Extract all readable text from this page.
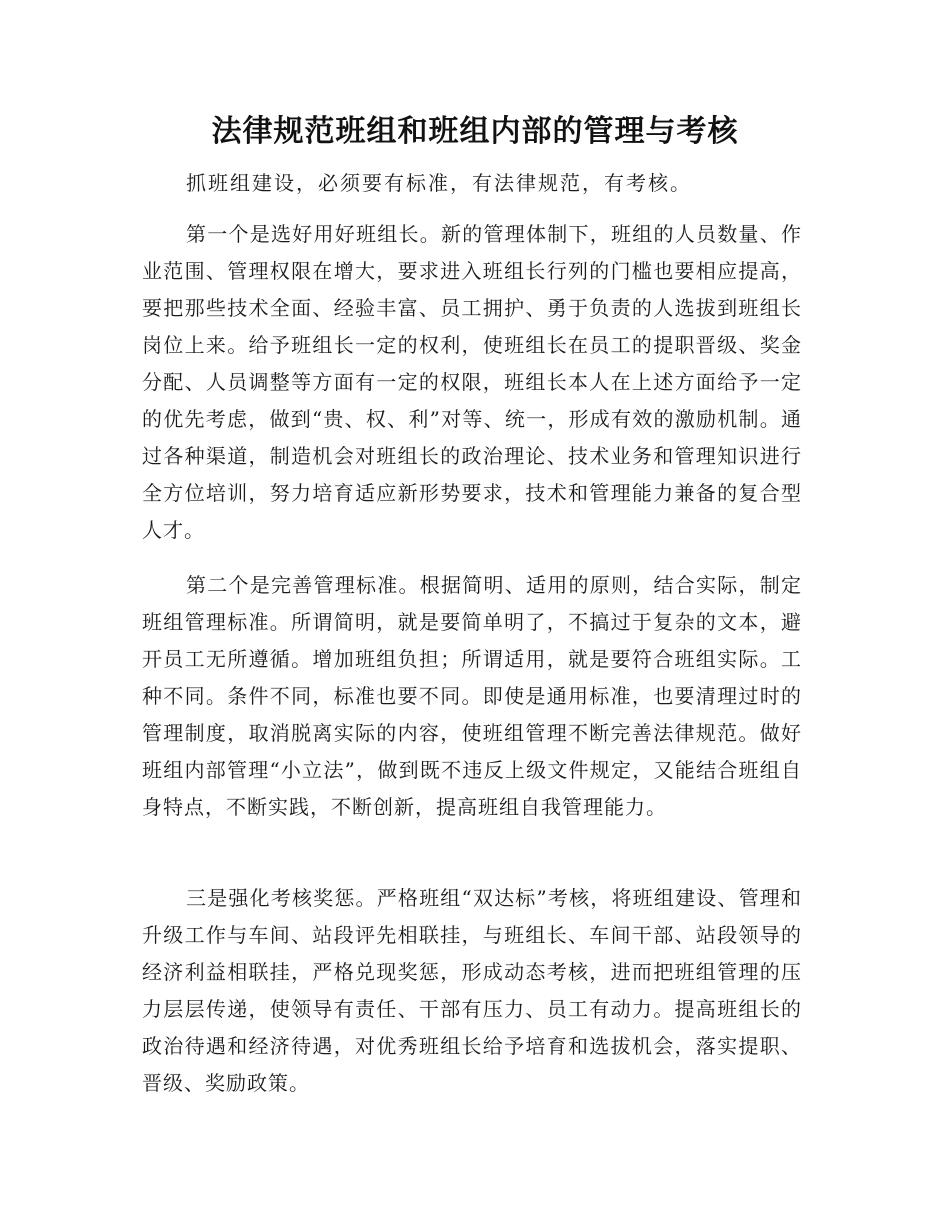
法律规范班组和班组内部的管理与考核

抓班组建设，必须要有标准，有法律规范，有考核。

第一个是选好用好班组长。新的管理体制下，班组的人员数量、作业范围、管理权限在增大，要求进入班组长行列的门槛也要相应提高，要把那些技术全面、经验丰富、员工拥护、勇于负责的人选拔到班组长岗位上来。给予班组长一定的权利，使班组长在员工的提职晋级、奖金分配、人员调整等方面有一定的权限，班组长本人在上述方面给予一定的优先考虑，做到“贵、权、利”对等、统一，形成有效的激励机制。通过各种渠道，制造机会对班组长的政治理论、技术业务和管理知识进行全方位培训，努力培育适应新形势要求，技术和管理能力兼备的复合型人才。

第二个是完善管理标准。根据简明、适用的原则，结合实际，制定班组管理标准。所谓简明，就是要简单明了，不搞过于复杂的文本，避开员工无所遵循。增加班组负担；所谓适用，就是要符合班组实际。工种不同。条件不同，标准也要不同。即使是通用标准，也要清理过时的管理制度，取消脱离实际的内容，使班组管理不断完善法律规范。做好班组内部管理“小立法”，做到既不违反上级文件规定，又能结合班组自身特点，不断实践，不断创新，提高班组自我管理能力。

三是强化考核奖惩。严格班组“双达标”考核，将班组建设、管理和升级工作与车间、站段评先相联挂，与班组长、车间干部、站段领导的经济利益相联挂，严格兑现奖惩，形成动态考核，进而把班组管理的压力层层传递，使领导有责任、干部有压力、员工有动力。提高班组长的政治待遇和经济待遇，对优秀班组长给予培育和选拔机会，落实提职、晋级、奖励政策。
